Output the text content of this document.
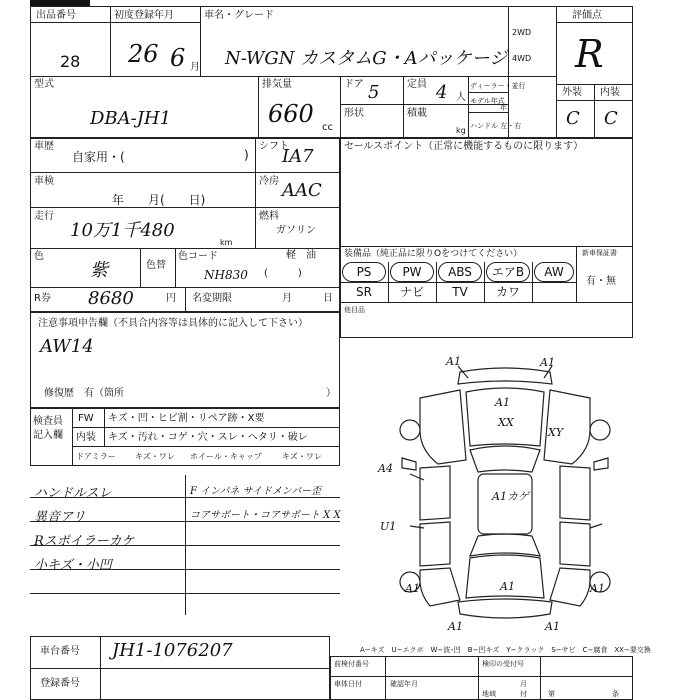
出品番号
28
初度登録年月
26 6 月
車名・グレード
N-WGN カスタムG・Aパッケージ
2WD
4WD
評価点
R
型式
DBA-JH1
排気量
660 cc
ドア 5	定員 4 人
形状	積載
kg
ディーラー・並行
モデル年式
年
ハンドル 左・右
外装 内装
C C
車歴
自家用・(	)
シフト
IA7
車検
年　　月(　　日)
冷房 AAC
走行
10万1千480
km
燃料
ガソリン
軽　油
(　　　)
色
紫	色替
色コード
NH830
R券 8680	円 名変期限	月	日
セールスポイント（正常に機能するものに限ります）
装備品（純正品に限りOをつけてください）	新車保証書
有・無
他目品
PS	PW	ABS	エアB	AW
SR	ナビ	TV	カワ
注意事項申告欄（不具合内容等は具体的に記入して下さい）
AW14
修復歴　有（箇所	）
検査員
記入欄
FW キズ・凹・ヒビ割・リペア跡・X要
内装 キズ・汚れ・コゲ・穴・スレ・ヘタリ・破レ
ドアミラー キズ・ワレ ホイール・キャップ	キズ・ワレ
ハンドルスレ
異音アリ
Rスポイラーカケ
小キズ・小凹
F インパネ サイドメンバー歪
コアサポート・コアサポート X X
A1	A1
A1
XX
XY
A4
A1カゲ
U1
A1
A1	A1
A1	A1
A−キズ　U−エクボ　W−波･凹　B−凹キズ　Y−クラック　S−サビ　C−腐食　XX−要交換
車台番号 JH1-1076207
登録番号
前検付番号
車体日付	確認年月	月
検印の受付号
付
地域	第	条
